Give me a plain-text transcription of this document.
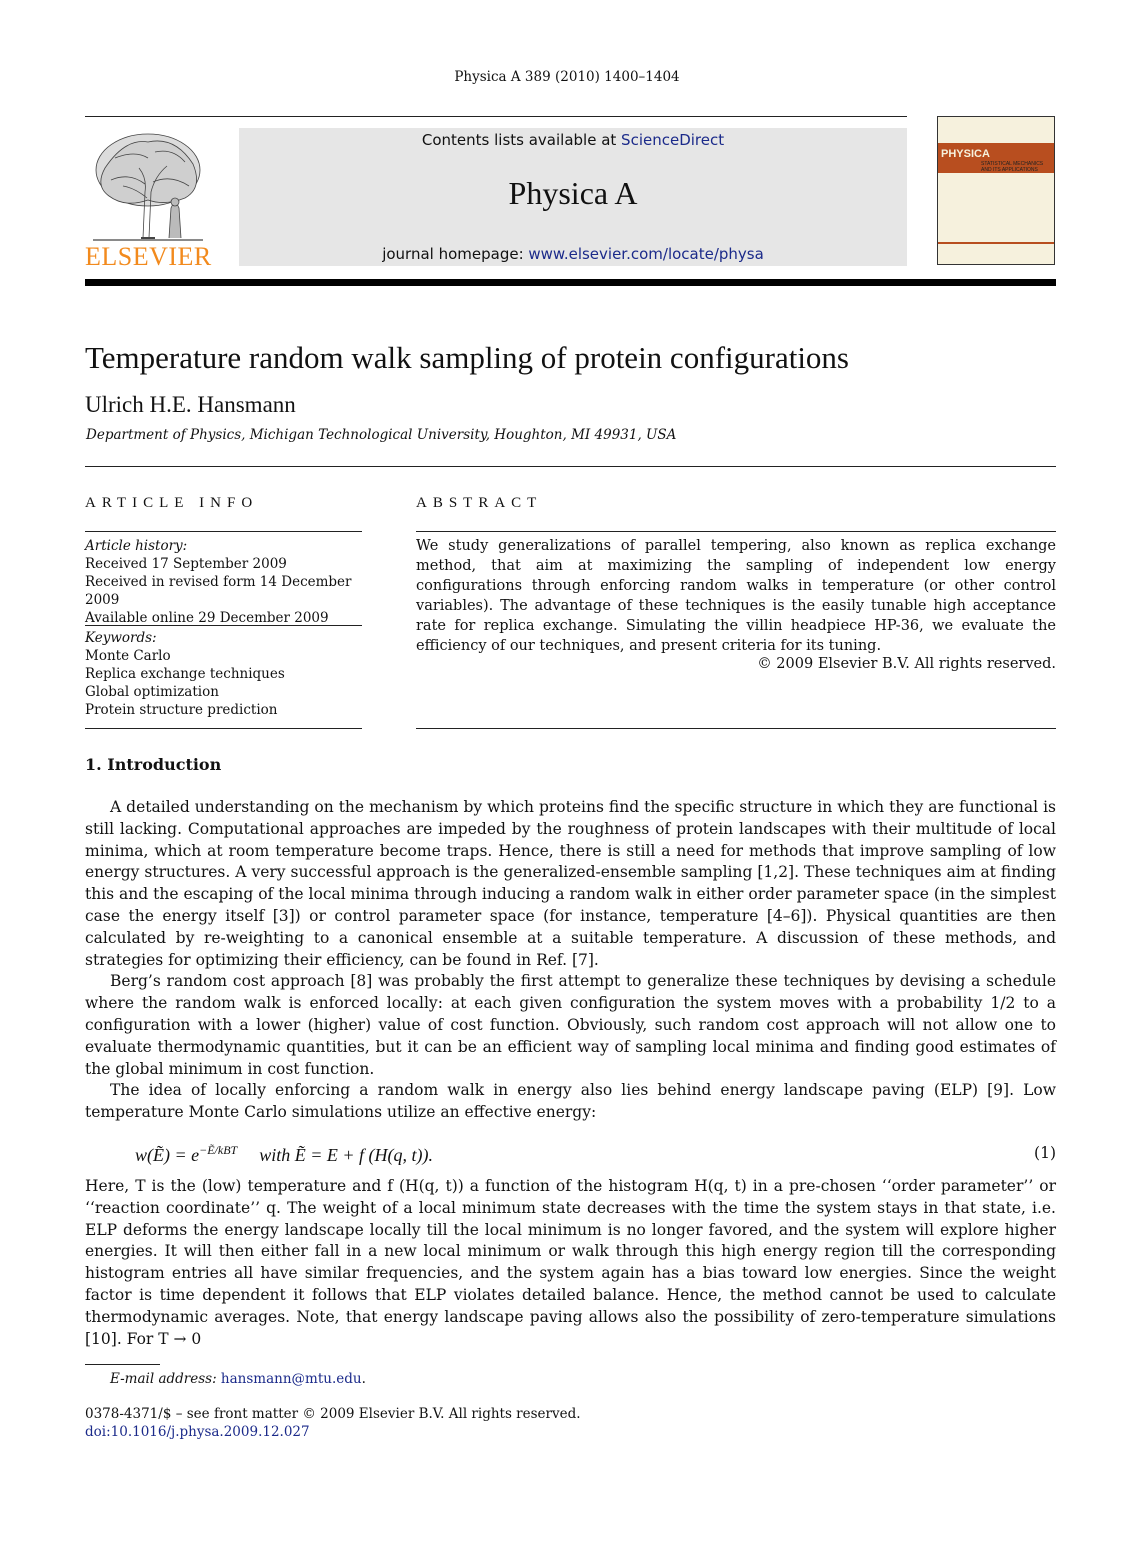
Physica A 389 (2010) 1400–1404
ELSEVIER
Contents lists available at ScienceDirect
Physica A
journal homepage: www.elsevier.com/locate/physa
PHYSICA
STATISTICAL MECHANICS AND ITS APPLICATIONS
Temperature random walk sampling of protein configurations
Ulrich H.E. Hansmann
Department of Physics, Michigan Technological University, Houghton, MI 49931, USA
ARTICLE INFO	ABSTRACT
Article history:
Received 17 September 2009
Received in revised form 14 December 2009
Available online 29 December 2009
Keywords:
Monte Carlo
Replica exchange techniques
Global optimization
Protein structure prediction
We study generalizations of parallel tempering, also known as replica exchange method, that aim at maximizing the sampling of independent low energy configurations through enforcing random walks in temperature (or other control variables). The advantage of these techniques is the easily tunable high acceptance rate for replica exchange. Simulating the villin headpiece HP-36, we evaluate the efficiency of our techniques, and present criteria for its tuning.
© 2009 Elsevier B.V. All rights reserved.
1. Introduction

A detailed understanding on the mechanism by which proteins find the specific structure in which they are functional is still lacking. Computational approaches are impeded by the roughness of protein landscapes with their multitude of local minima, which at room temperature become traps. Hence, there is still a need for methods that improve sampling of low energy structures. A very successful approach is the generalized-ensemble sampling [1,2]. These techniques aim at finding this and the escaping of the local minima through inducing a random walk in either order parameter space (in the simplest case the energy itself [3]) or control parameter space (for instance, temperature [4–6]). Physical quantities are then calculated by re-weighting to a canonical ensemble at a suitable temperature. A discussion of these methods, and strategies for optimizing their efficiency, can be found in Ref. [7].

Berg’s random cost approach [8] was probably the first attempt to generalize these techniques by devising a schedule where the random walk is enforced locally: at each given configuration the system moves with a probability 1/2 to a configuration with a lower (higher) value of cost function. Obviously, such random cost approach will not allow one to evaluate thermodynamic quantities, but it can be an efficient way of sampling local minima and finding good estimates of the global minimum in cost function.

The idea of locally enforcing a random walk in energy also lies behind energy landscape paving (ELP) [9]. Low temperature Monte Carlo simulations utilize an effective energy:

w(Ẽ) = $e^{-Ẽ/kBT}$ with Ẽ = E + f (H(q, t)).	(1)

Here, T is the (low) temperature and f (H(q, t)) a function of the histogram H(q, t) in a pre-chosen ‘‘order parameter’’ or ‘‘reaction coordinate’’ q. The weight of a local minimum state decreases with the time the system stays in that state, i.e. ELP deforms the energy landscape locally till the local minimum is no longer favored, and the system will explore higher energies. It will then either fall in a new local minimum or walk through this high energy region till the corresponding histogram entries all have similar frequencies, and the system again has a bias toward low energies. Since the weight factor is time dependent it follows that ELP violates detailed balance. Hence, the method cannot be used to calculate thermodynamic averages. Note, that energy landscape paving allows also the possibility of zero-temperature simulations [10]. For T → 0

E-mail address: hansmann@mtu.edu.
0378-4371/$ – see front matter © 2009 Elsevier B.V. All rights reserved.
doi:10.1016/j.physa.2009.12.027
